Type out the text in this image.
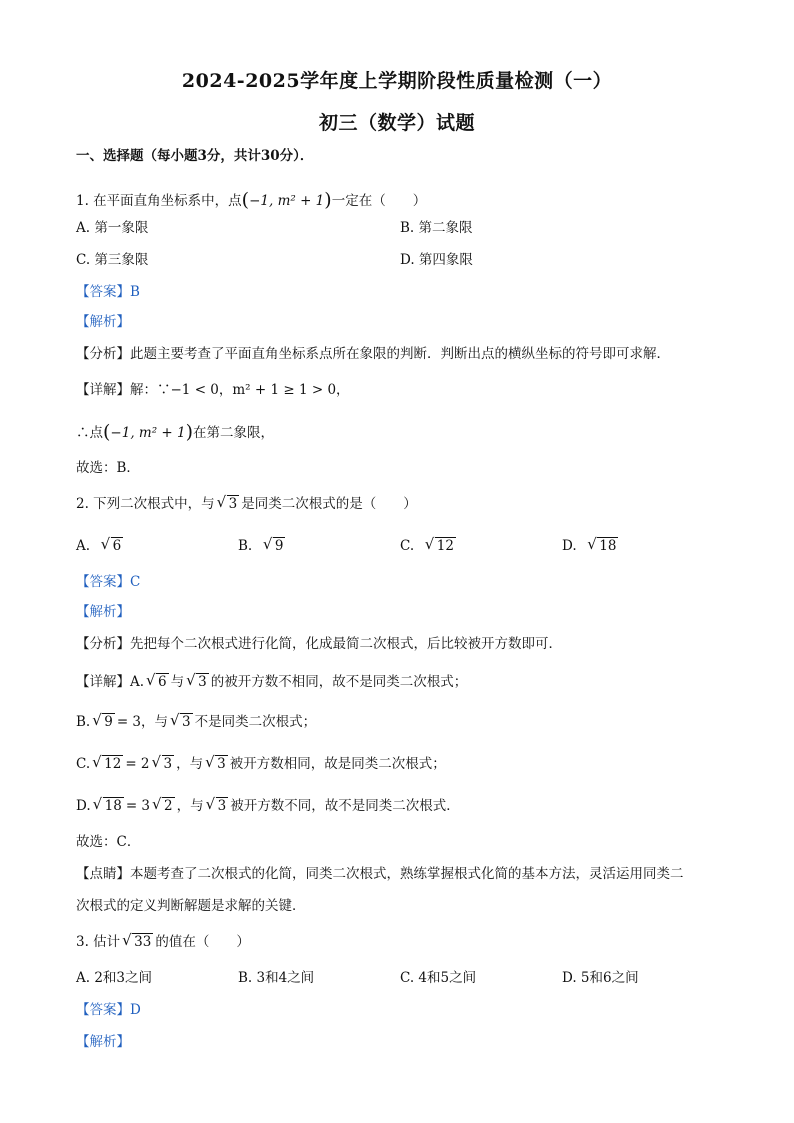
2024-2025学年度上学期阶段性质量检测（一）
初三（数学）试题
一、选择题（每小题3分，共计30分）．
1. 在平面直角坐标系中，点(−1, m² + 1)一定在（　　）
A. 第一象限	B. 第二象限
C. 第三象限	D. 第四象限
【答案】B
【解析】
【分析】此题主要考查了平面直角坐标系点所在象限的判断．判断出点的横纵坐标的符号即可求解．
【详解】解：∵−1 < 0，m² + 1 ≥ 1 > 0，
∴点(−1, m² + 1)在第二象限，
故选：B．
2. 下列二次根式中，与 √ 3 是同类二次根式的是（　　）
A. √ 6	B. √ 9	C. √ 12	D. √ 18
【答案】C
【解析】
【分析】先把每个二次根式进行化简，化成最简二次根式，后比较被开方数即可．
【详解】A. √ 6 与 √ 3 的被开方数不相同，故不是同类二次根式；
B. √ 9 = 3，与 √ 3 不是同类二次根式；
C. √ 12 = 2 √ 3 ，与 √ 3 被开方数相同，故是同类二次根式；
D. √ 18 = 3 √ 2 ，与 √ 3 被开方数不同，故不是同类二次根式．
故选：C．
【点睛】本题考查了二次根式的化简，同类二次根式，熟练掌握根式化简的基本方法，灵活运用同类二
次根式的定义判断解题是求解的关键．
3. 估计 √ 33 的值在（　　）
A. 2和3之间	B. 3和4之间	C. 4和5之间	D. 5和6之间
【答案】D
【解析】
